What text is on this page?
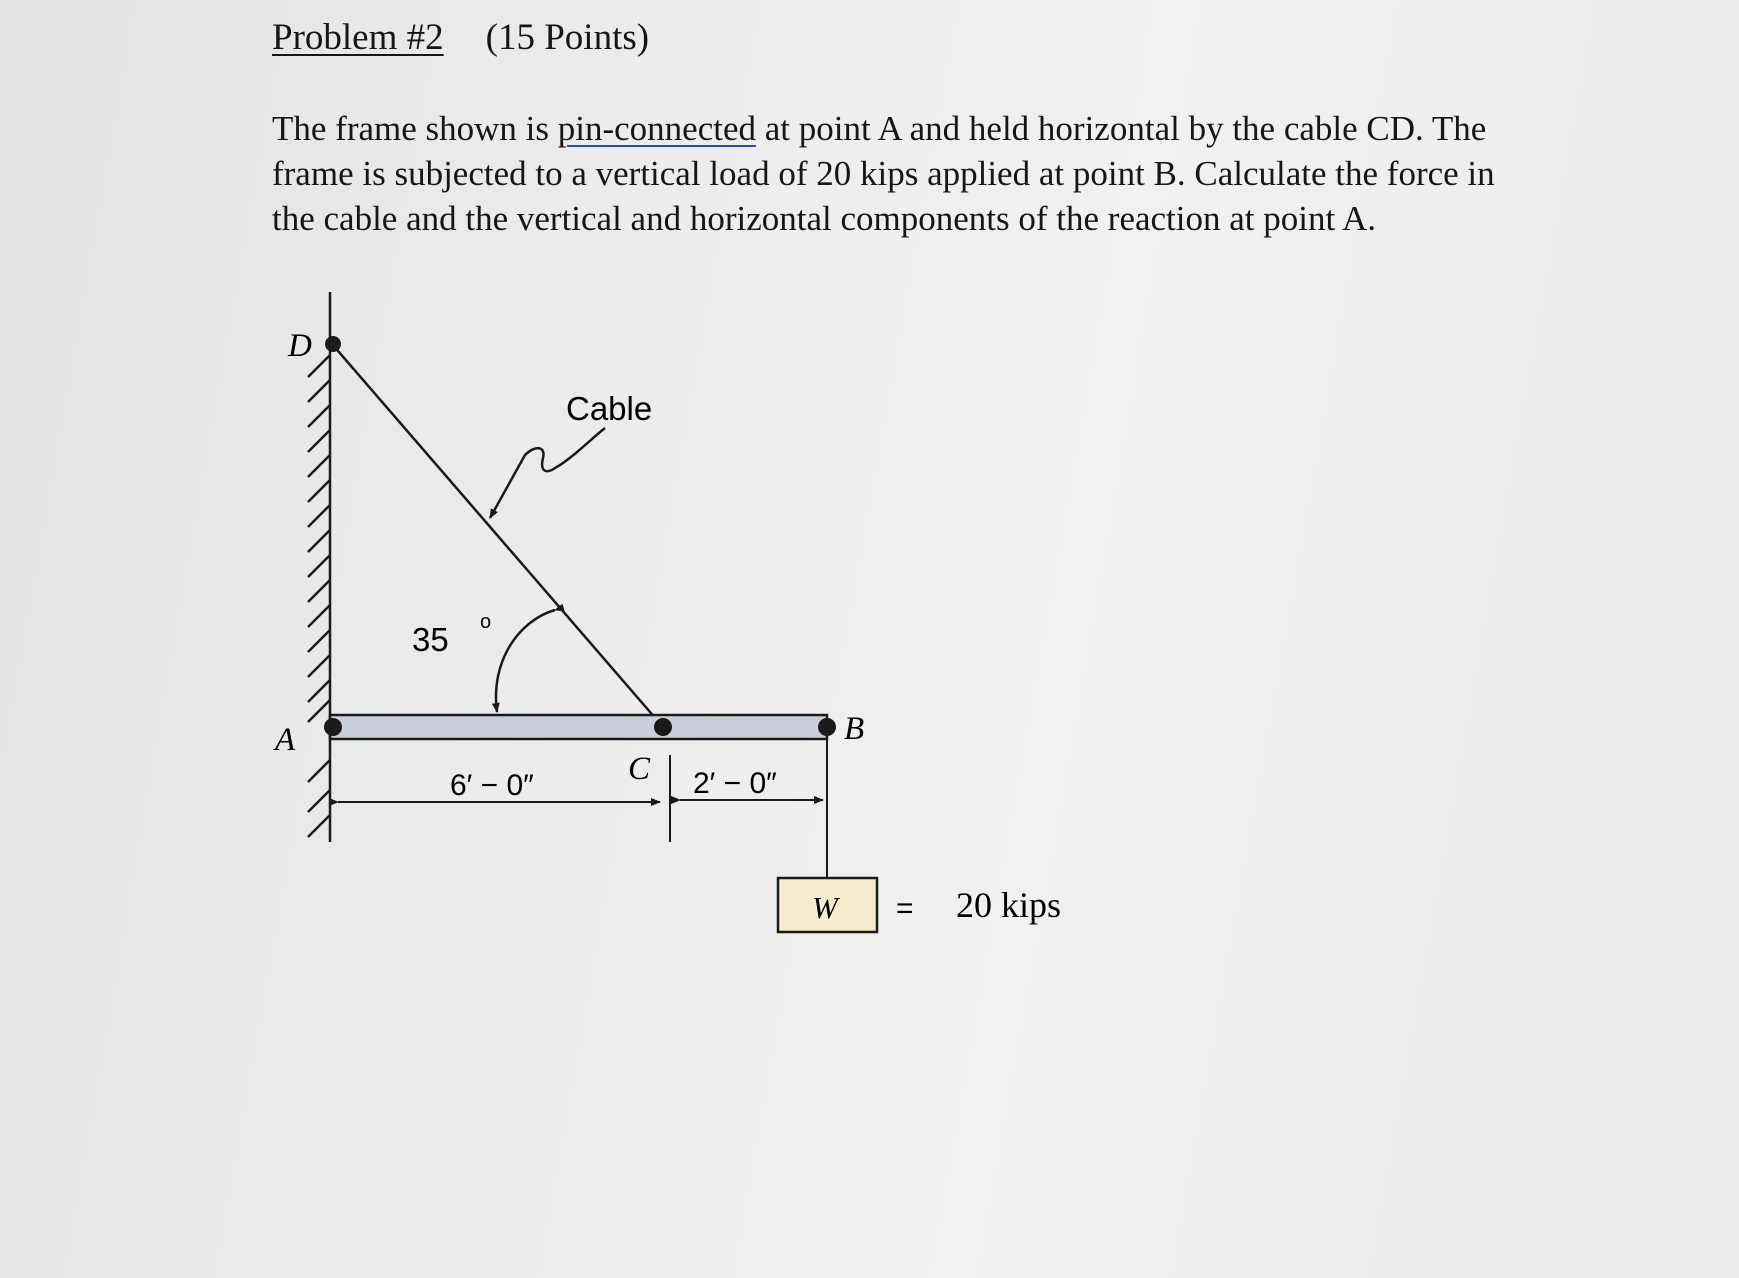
Problem #2 (15 Points)
The frame shown is pin-connected at point A and held horizontal by the cable CD. The
frame is subjected to a vertical load of 20 kips applied at point B. Calculate the force in
the cable and the vertical and horizontal components of the reaction at point A.
D
A	B
C
Cable
35 o
6′ − 0″	2′ − 0″
W = 20 kips
